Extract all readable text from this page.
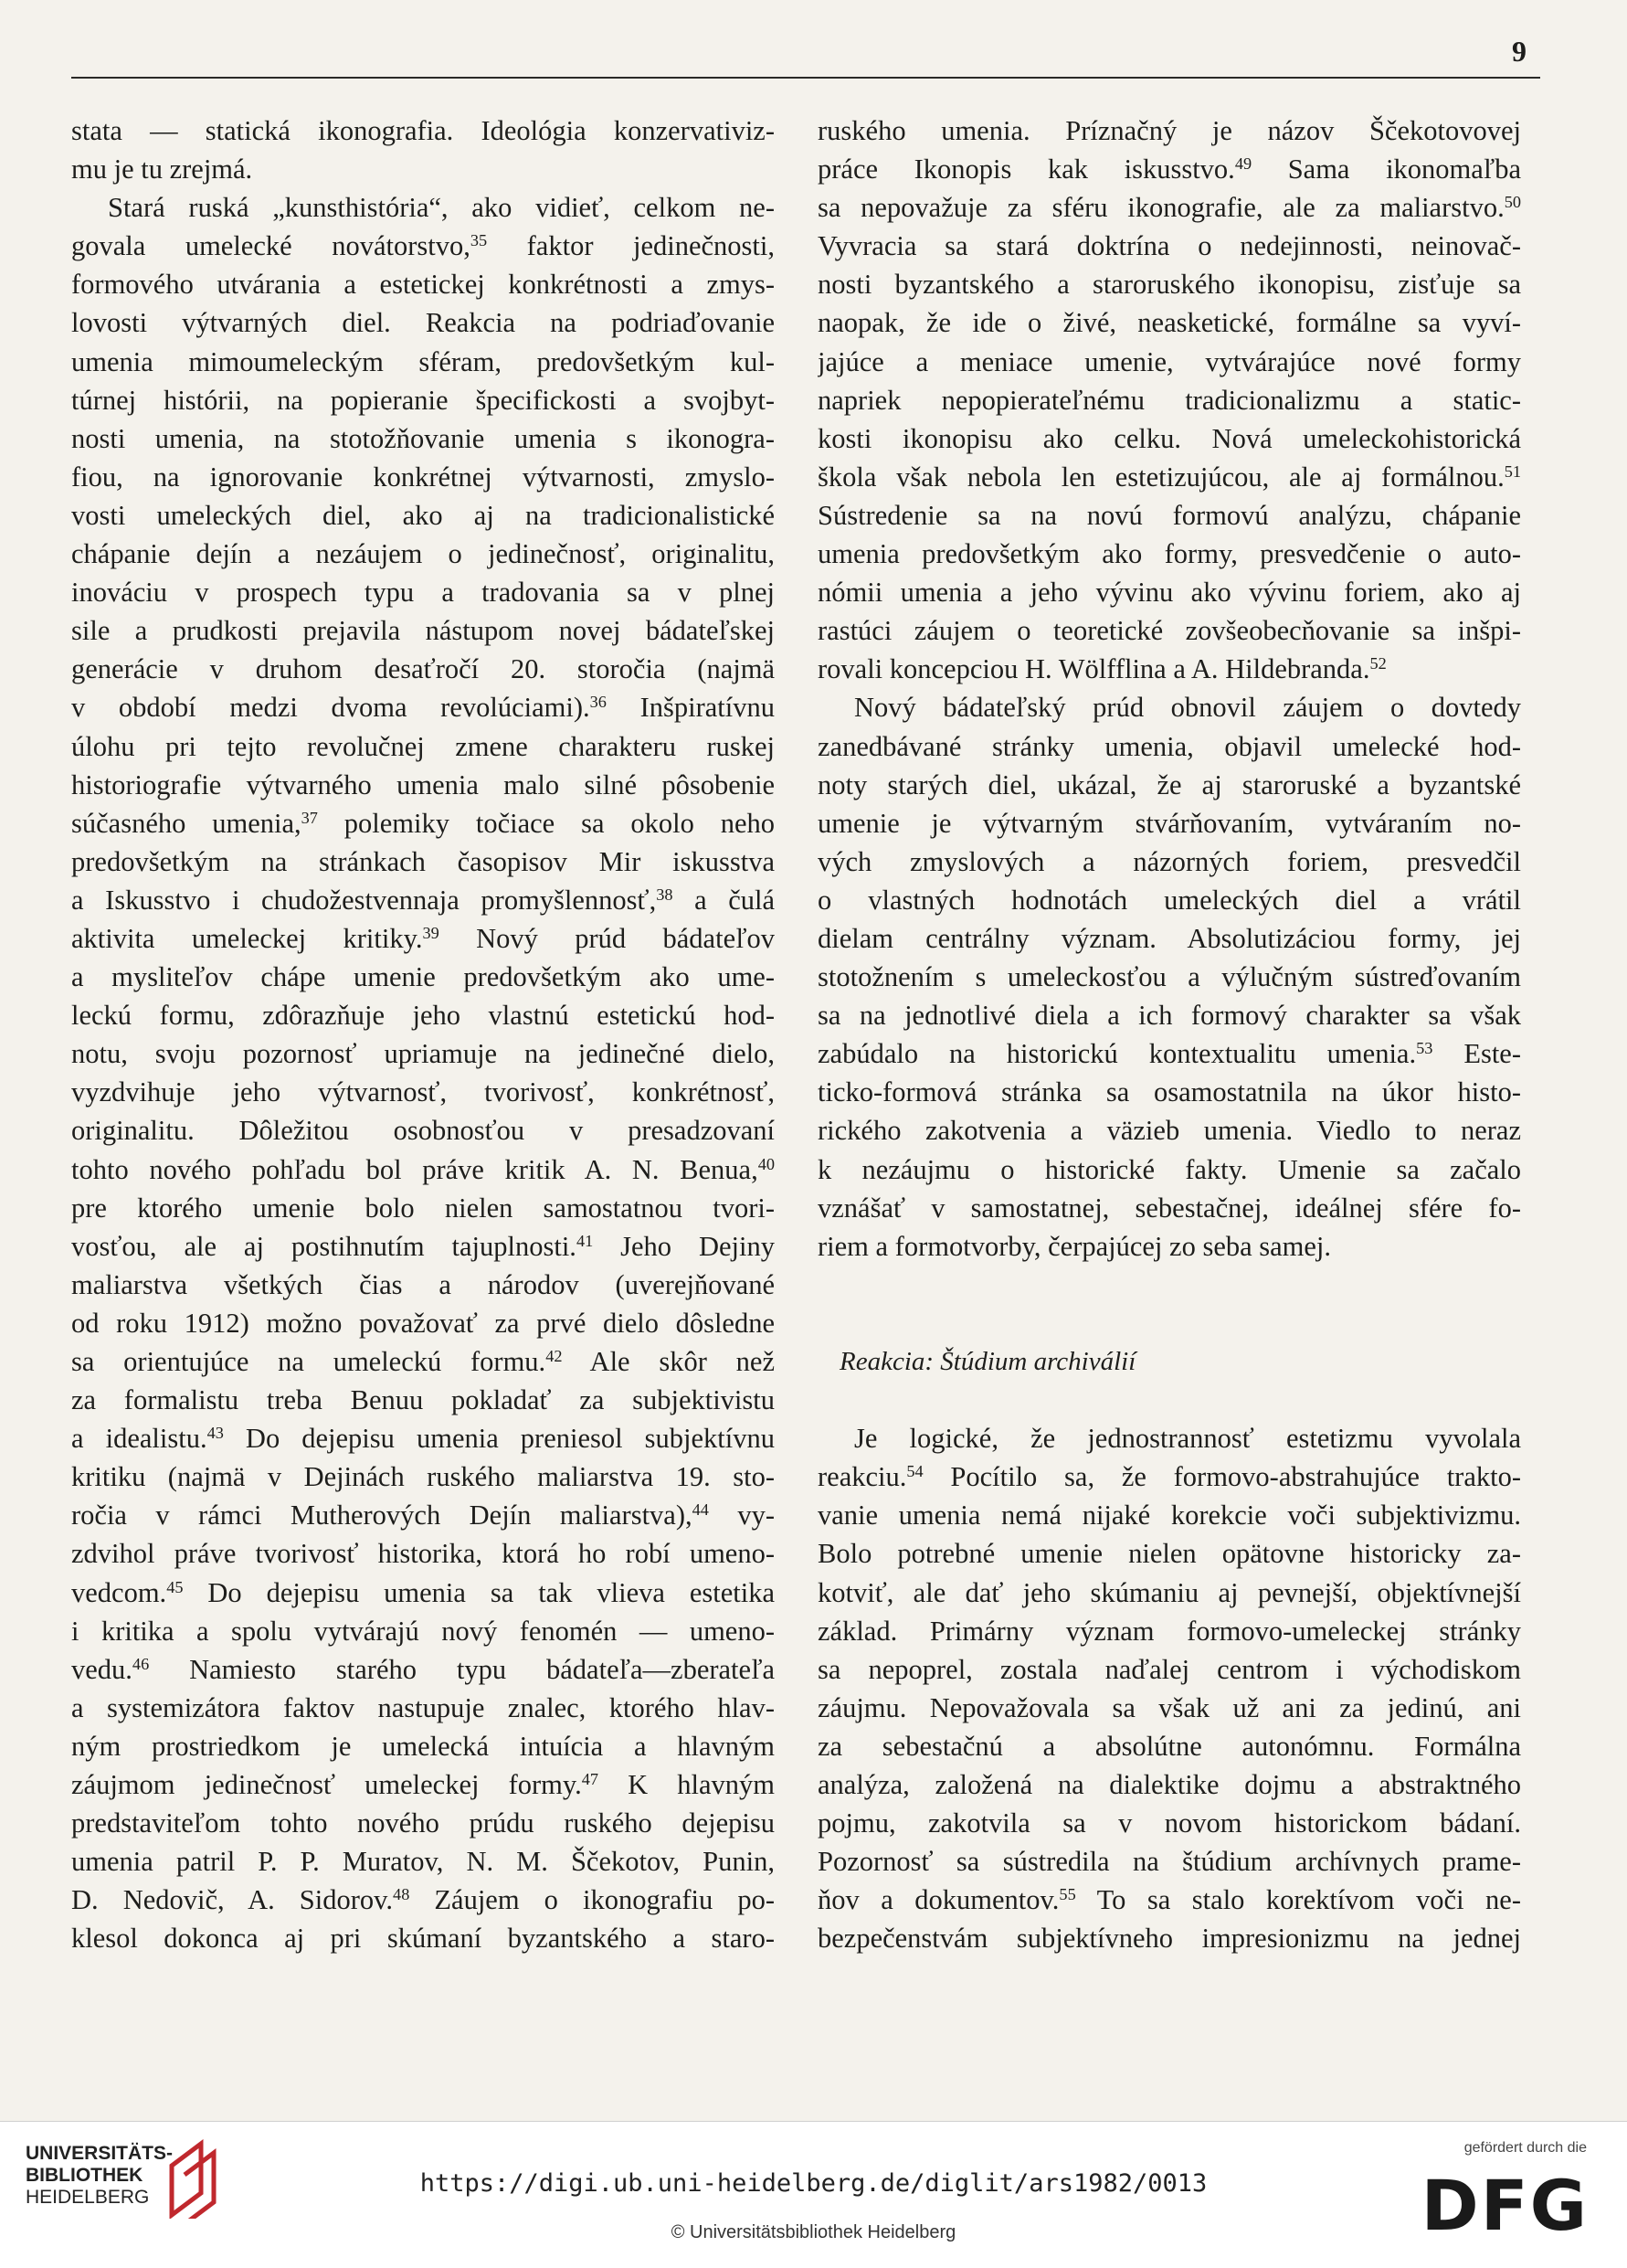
9
stata — statická ikonografia. Ideológia konzervativiz-
mu je tu zrejmá.
Stará ruská „kunsthistória“, ako vidieť, celkom ne-
govala umelecké novátorstvo,$^{35}$ faktor jedinečnosti,
formového utvárania a estetickej konkrétnosti a zmys-
lovosti výtvarných diel. Reakcia na podriaďovanie
umenia mimoumeleckým sféram, predovšetkým kul-
túrnej histórii, na popieranie špecifickosti a svojbyt-
nosti umenia, na stotožňovanie umenia s ikonogra-
fiou, na ignorovanie konkrétnej výtvarnosti, zmyslo-
vosti umeleckých diel, ako aj na tradicionalistické
chápanie dejín a nezáujem o jedinečnosť, originalitu,
inováciu v prospech typu a tradovania sa v plnej
sile a prudkosti prejavila nástupom novej bádateľskej
generácie v druhom desaťročí 20. storočia (najmä
v období medzi dvoma revolúciami).$^{36}$ Inšpiratívnu
úlohu pri tejto revolučnej zmene charakteru ruskej
historiografie výtvarného umenia malo silné pôsobenie
súčasného umenia,$^{37}$ polemiky točiace sa okolo neho
predovšetkým na stránkach časopisov Mir iskusstva
a Iskusstvo i chudožestvennaja promyšlennosť,$^{38}$ a čulá
aktivita umeleckej kritiky.$^{39}$ Nový prúd bádateľov
a mysliteľov chápe umenie predovšetkým ako ume-
leckú formu, zdôrazňuje jeho vlastnú estetickú hod-
notu, svoju pozornosť upriamuje na jedinečné dielo,
vyzdvihuje jeho výtvarnosť, tvorivosť, konkrétnosť,
originalitu. Dôležitou osobnosťou v presadzovaní
tohto nového pohľadu bol práve kritik A. N. Benua,$^{40}$
pre ktorého umenie bolo nielen samostatnou tvori-
vosťou, ale aj postihnutím tajuplnosti.$^{41}$ Jeho Dejiny
maliarstva všetkých čias a národov (uverejňované
od roku 1912) možno považovať za prvé dielo dôsledne
sa orientujúce na umeleckú formu.$^{42}$ Ale skôr než
za formalistu treba Benuu pokladať za subjektivistu
a idealistu.$^{43}$ Do dejepisu umenia preniesol subjektívnu
kritiku (najmä v Dejinách ruského maliarstva 19. sto-
ročia v rámci Mutherových Dejín maliarstva),$^{44}$ vy-
zdvihol práve tvorivosť historika, ktorá ho robí umeno-
vedcom.$^{45}$ Do dejepisu umenia sa tak vlieva estetika
i kritika a spolu vytvárajú nový fenomén — umeno-
vedu.$^{46}$ Namiesto starého typu bádateľa—zberateľa
a systemizátora faktov nastupuje znalec, ktorého hlav-
ným prostriedkom je umelecká intuícia a hlavným
záujmom jedinečnosť umeleckej formy.$^{47}$ K hlavným
predstaviteľom tohto nového prúdu ruského dejepisu
umenia patril P. P. Muratov, N. M. Ščekotov, Punin,
D. Nedovič, A. Sidorov.$^{48}$ Záujem o ikonografiu po-
klesol dokonca aj pri skúmaní byzantského a staro-
ruského umenia. Príznačný je názov Ščekotovovej
práce Ikonopis kak iskusstvo.$^{49}$ Sama ikonomaľba
sa nepovažuje za sféru ikonografie, ale za maliarstvo.$^{50}$
Vyvracia sa stará doktrína o nedejinnosti, neinovač-
nosti byzantského a staroruského ikonopisu, zisťuje sa
naopak, že ide o živé, neasketické, formálne sa vyví-
jajúce a meniace umenie, vytvárajúce nové formy
napriek nepopierateľnému tradicionalizmu a static-
kosti ikonopisu ako celku. Nová umeleckohistorická
škola však nebola len estetizujúcou, ale aj formálnou.$^{51}$
Sústredenie sa na novú formovú analýzu, chápanie
umenia predovšetkým ako formy, presvedčenie o auto-
nómii umenia a jeho vývinu ako vývinu foriem, ako aj
rastúci záujem o teoretické zovšeobecňovanie sa inšpi-
rovali koncepciou H. Wölfflina a A. Hildebranda.$^{52}$
Nový bádateľský prúd obnovil záujem o dovtedy
zanedbávané stránky umenia, objavil umelecké hod-
noty starých diel, ukázal, že aj staroruské a byzantské
umenie je výtvarným stvárňovaním, vytváraním no-
vých zmyslových a názorných foriem, presvedčil
o vlastných hodnotách umeleckých diel a vrátil
dielam centrálny význam. Absolutizáciou formy, jej
stotožnením s umeleckosťou a výlučným sústreďovaním
sa na jednotlivé diela a ich formový charakter sa však
zabúdalo na historickú kontextualitu umenia.$^{53}$ Este-
ticko-formová stránka sa osamostatnila na úkor histo-
rického zakotvenia a väzieb umenia. Viedlo to neraz
k nezáujmu o historické fakty. Umenie sa začalo
vznášať v samostatnej, sebestačnej, ideálnej sfére fo-
riem a formotvorby, čerpajúcej zo seba samej.
Reakcia: Štúdium archiválií
Je logické, že jednostrannosť estetizmu vyvolala
reakciu.$^{54}$ Pocítilo sa, že formovo-abstrahujúce trakto-
vanie umenia nemá nijaké korekcie voči subjektivizmu.
Bolo potrebné umenie nielen opätovne historicky za-
kotviť, ale dať jeho skúmaniu aj pevnejší, objektívnejší
základ. Primárny význam formovo-umeleckej stránky
sa nepoprel, zostala naďalej centrom i východiskom
záujmu. Nepovažovala sa však už ani za jedinú, ani
za sebestačnú a absolútne autonómnu. Formálna
analýza, založená na dialektike dojmu a abstraktného
pojmu, zakotvila sa v novom historickom bádaní.
Pozornosť sa sústredila na štúdium archívnych prame-
ňov a dokumentov.$^{55}$ To sa stalo korektívom voči ne-
bezpečenstvám subjektívneho impresionizmu na jednej
UNIVERSITÄTS-
BIBLIOTHEK
HEIDELBERG	https://digi.ub.uni-heidelberg.de/diglit/ars1982/0013
© Universitätsbibliothek Heidelberg
gefördert durch die
DFG
